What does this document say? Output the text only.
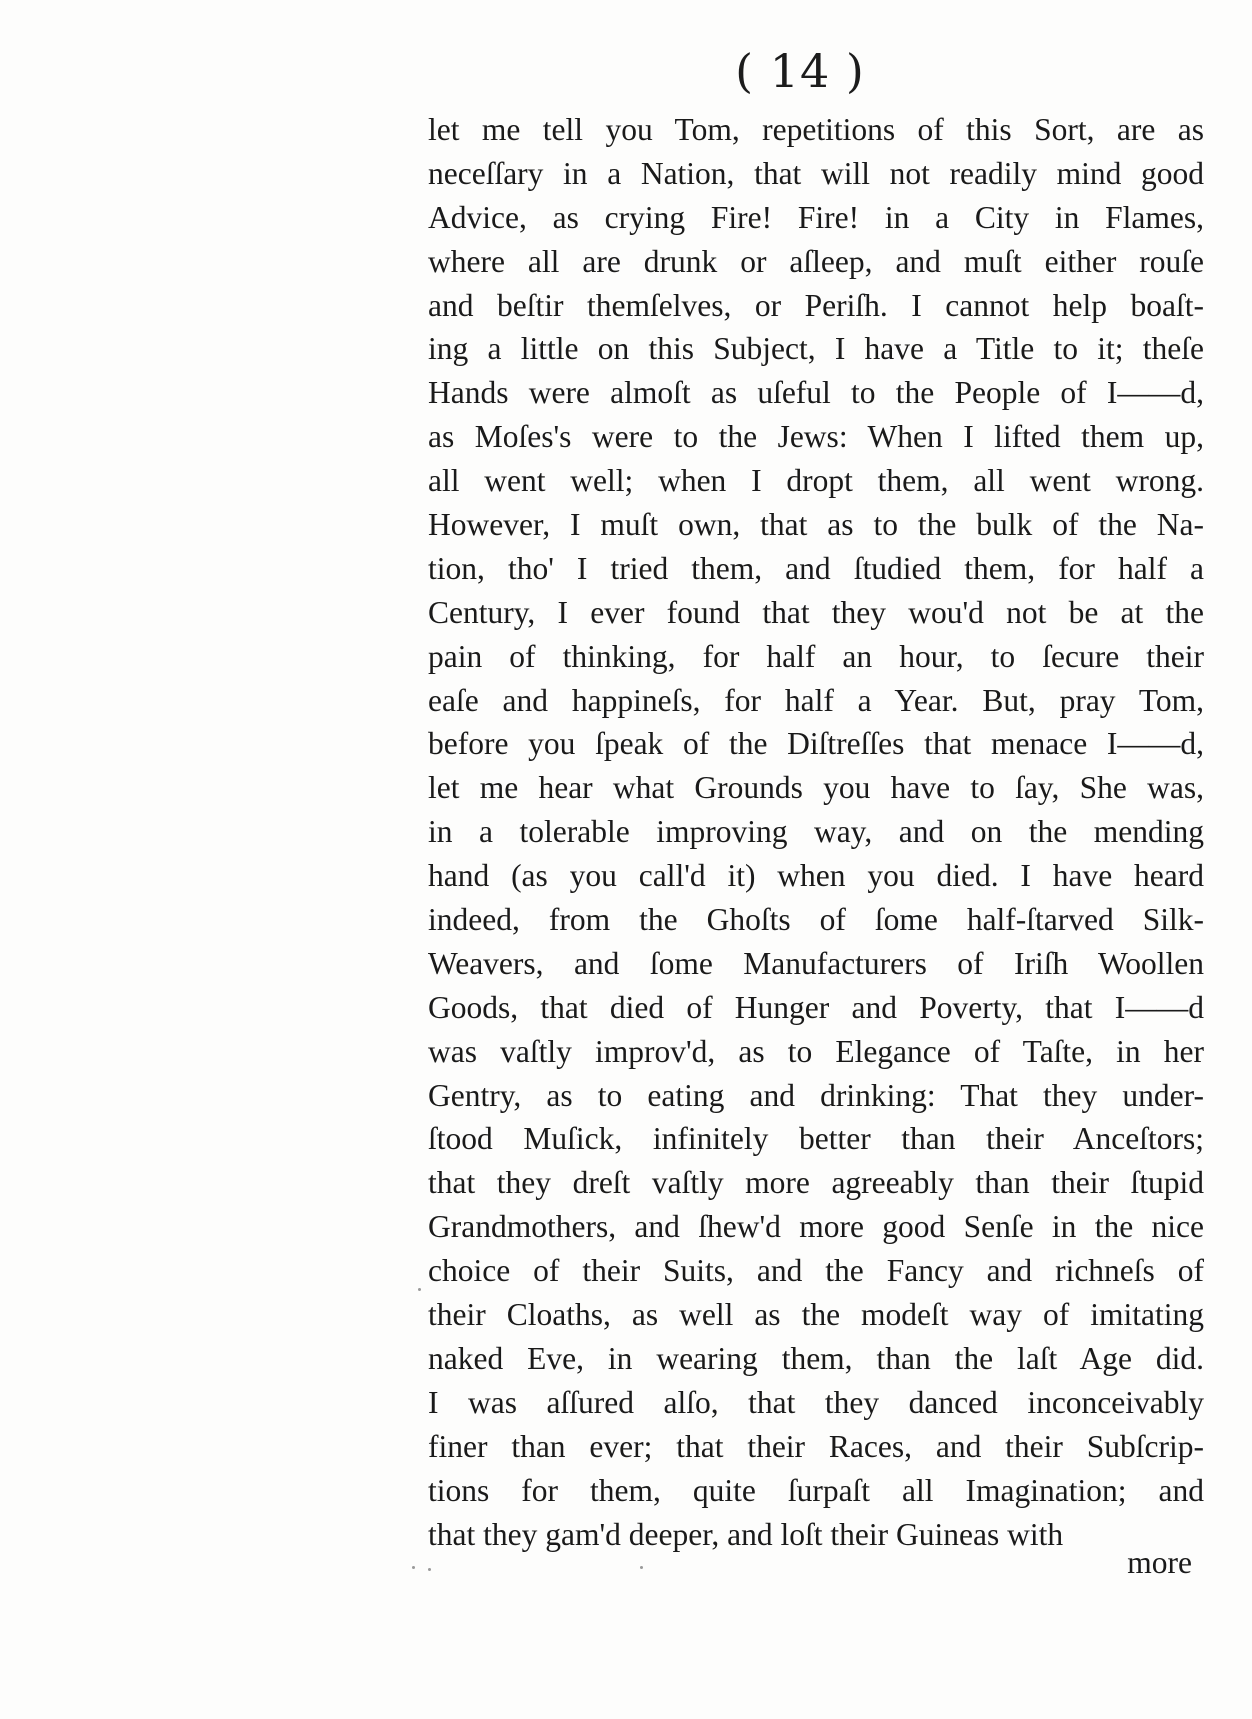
( 14 )
let me tell you Tom, repetitions of this Sort, are as
neceſſary in a Nation, that will not readily mind good
Advice, as crying Fire! Fire! in a City in Flames,
where all are drunk or aſleep, and muſt either rouſe
and beſtir themſelves, or Periſh. I cannot help boaſt-
ing a little on this Subject, I have a Title to it; theſe
Hands were almoſt as uſeful to the People of I——d,
as Moſes's were to the Jews: When I lifted them up,
all went well; when I dropt them, all went wrong.
However, I muſt own, that as to the bulk of the Na-
tion, tho' I tried them, and ſtudied them, for half a
Century, I ever found that they wou'd not be at the
pain of thinking, for half an hour, to ſecure their
eaſe and happineſs, for half a Year. But, pray Tom,
before you ſpeak of the Diſtreſſes that menace I——d,
let me hear what Grounds you have to ſay, She was,
in a tolerable improving way, and on the mending
hand (as you call'd it) when you died. I have heard
indeed, from the Ghoſts of ſome half-ſtarved Silk-
Weavers, and ſome Manufacturers of Iriſh Woollen
Goods, that died of Hunger and Poverty, that I——d
was vaſtly improv'd, as to Elegance of Taſte, in her
Gentry, as to eating and drinking: That they under-
ſtood Muſick, infinitely better than their Anceſtors;
that they dreſt vaſtly more agreeably than their ſtupid
Grandmothers, and ſhew'd more good Senſe in the nice
choice of their Suits, and the Fancy and richneſs of
their Cloaths, as well as the modeſt way of imitating
naked Eve, in wearing them, than the laſt Age did.
I was aſſured alſo, that they danced inconceivably
finer than ever; that their Races, and their Subſcrip-
tions for them, quite ſurpaſt all Imagination; and
that they gam'd deeper, and loſt their Guineas with
more
